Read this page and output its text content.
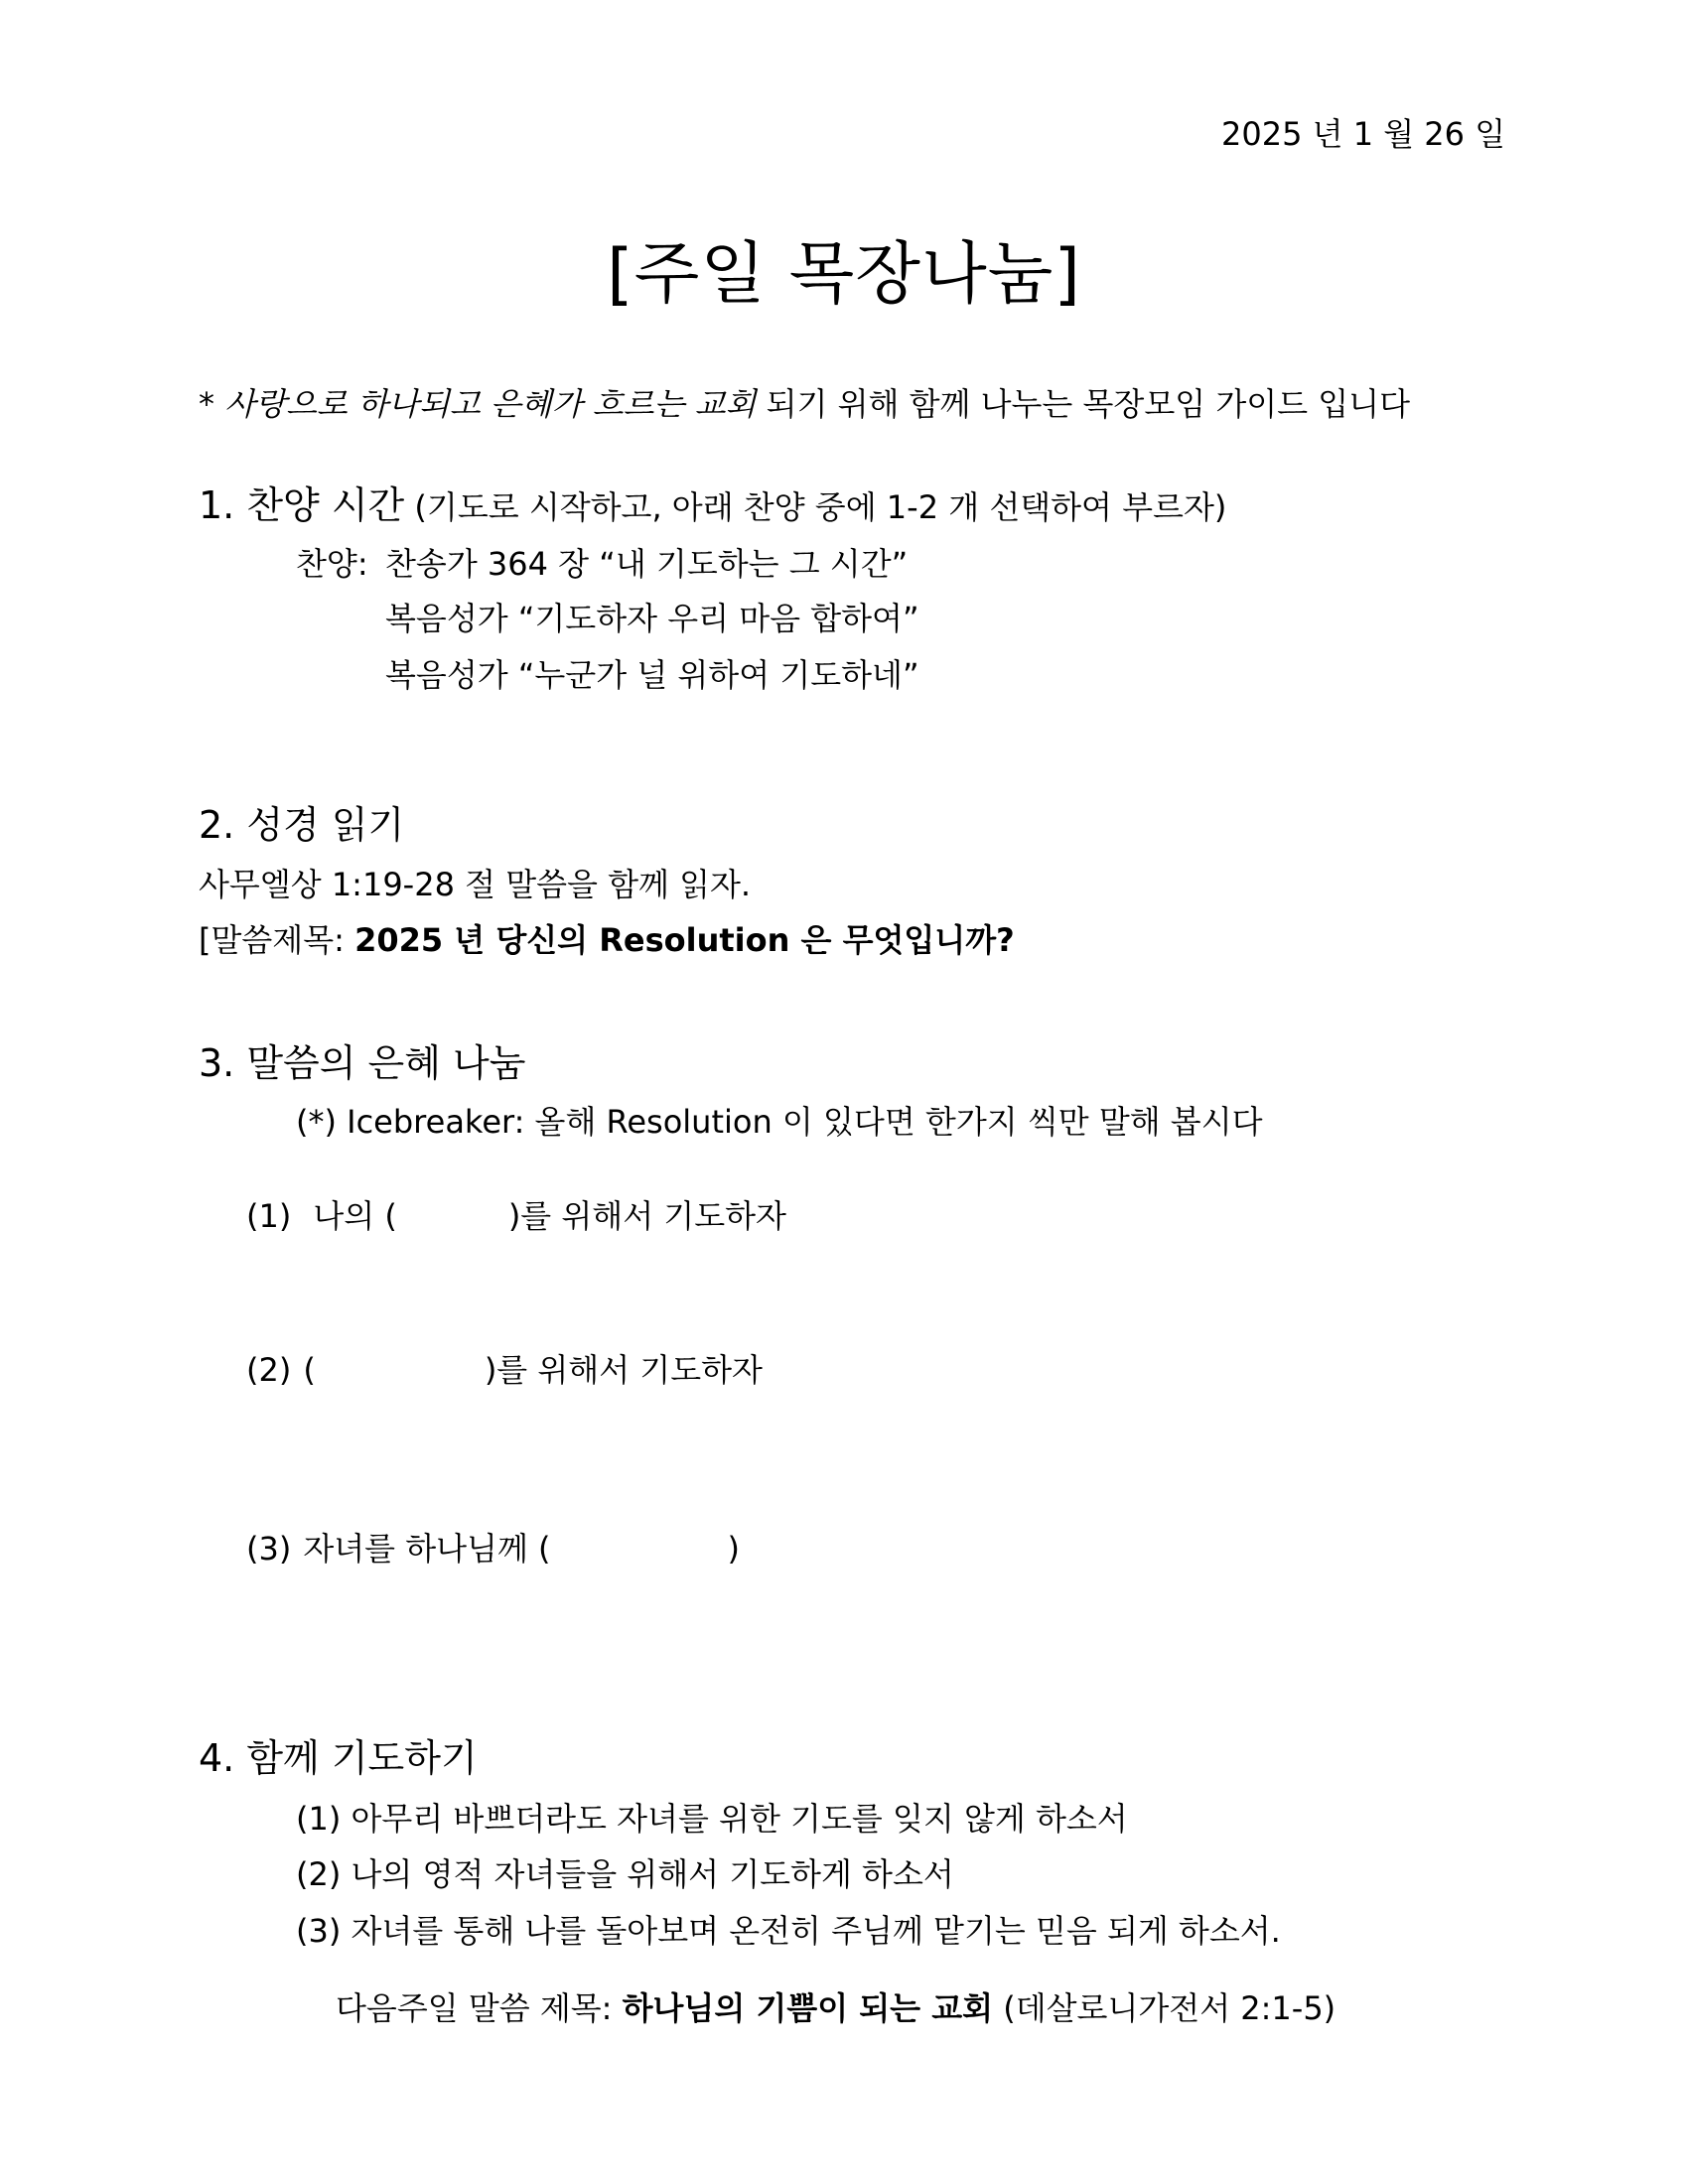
2025 년 1 월 26 일
[주일 목장나눔]
* 사랑으로 하나되고 은혜가 흐르는 교회 되기 위해 함께 나누는 목장모임 가이드 입니다
1. 찬양 시간 (기도로 시작하고, 아래 찬양 중에 1-2 개 선택하여 부르자)
찬양: 찬송가 364 장 “내 기도하는 그 시간”
복음성가 “기도하자 우리 마음 합하여”
복음성가 “누군가 널 위하여 기도하네”
2. 성경 읽기
사무엘상 1:19-28 절 말씀을 함께 읽자.
[말씀제목: 2025 년 당신의 Resolution 은 무엇입니까?
3. 말씀의 은혜 나눔
(*) Icebreaker: 올해 Resolution 이 있다면 한가지 씩만 말해 봅시다
(1) 나의 (	)를 위해서 기도하자
(2) (	)를 위해서 기도하자
(3) 자녀를 하나님께 (	)
4. 함께 기도하기
(1) 아무리 바쁘더라도 자녀를 위한 기도를 잊지 않게 하소서
(2) 나의 영적 자녀들을 위해서 기도하게 하소서
(3) 자녀를 통해 나를 돌아보며 온전히 주님께 맡기는 믿음 되게 하소서.
다음주일 말씀 제목: 하나님의 기쁨이 되는 교회 (데살로니가전서 2:1-5)
